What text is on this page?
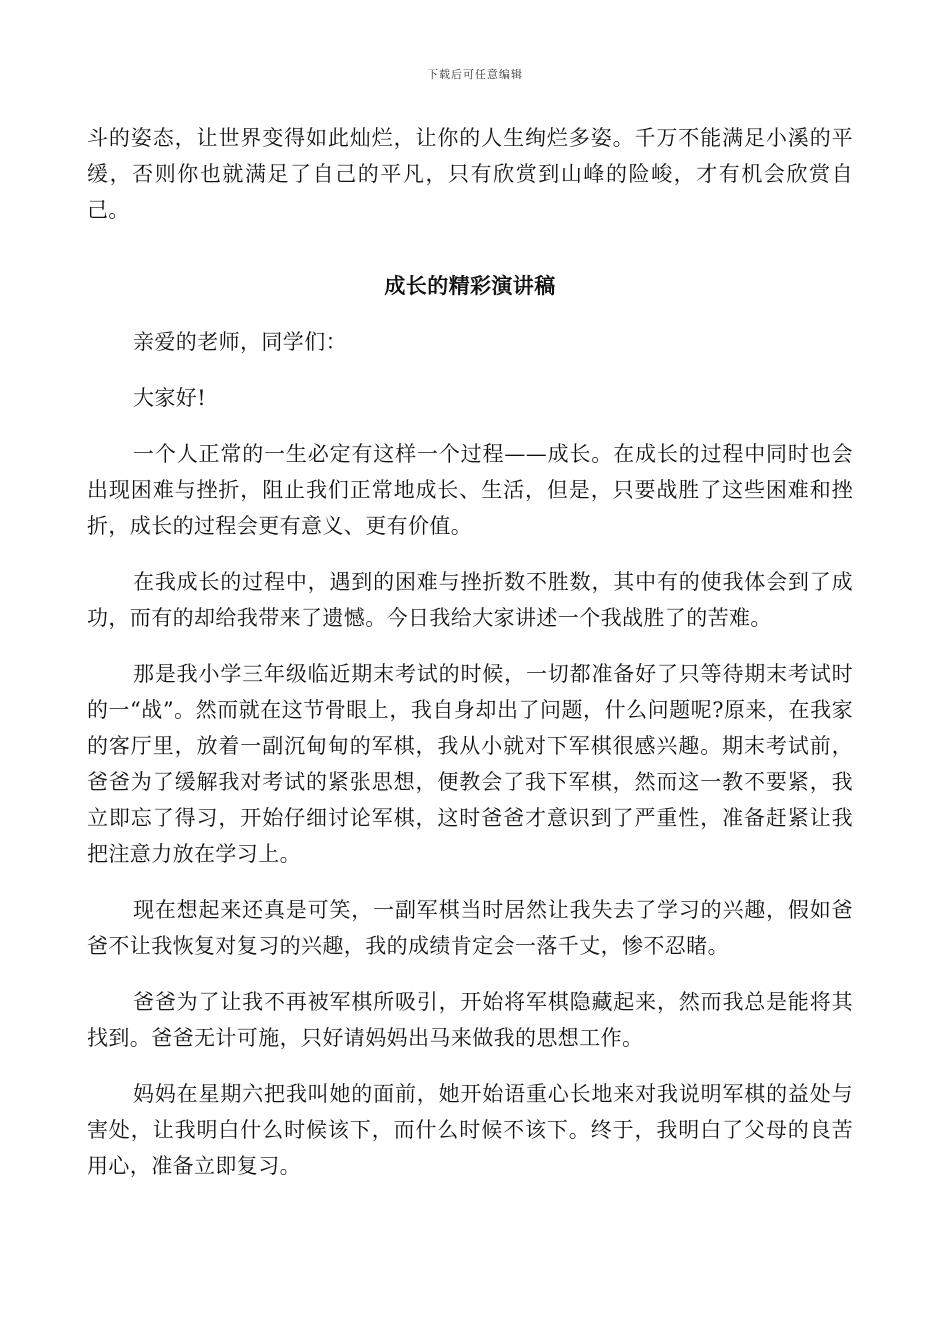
下载后可任意编辑

斗的姿态，让世界变得如此灿烂，让你的人生绚烂多姿。千万不能满足小溪的平缓，否则你也就满足了自己的平凡，只有欣赏到山峰的险峻，才有机会欣赏自己。

成长的精彩演讲稿

亲爱的老师，同学们：

大家好!

一个人正常的一生必定有这样一个过程——成长。在成长的过程中同时也会出现困难与挫折，阻止我们正常地成长、生活，但是，只要战胜了这些困难和挫折，成长的过程会更有意义、更有价值。

在我成长的过程中，遇到的困难与挫折数不胜数，其中有的使我体会到了成功，而有的却给我带来了遗憾。今日我给大家讲述一个我战胜了的苦难。

那是我小学三年级临近期末考试的时候，一切都准备好了只等待期末考试时的一“战”。然而就在这节骨眼上，我自身却出了问题，什么问题呢?原来，在我家的客厅里，放着一副沉甸甸的军棋，我从小就对下军棋很感兴趣。期末考试前，爸爸为了缓解我对考试的紧张思想，便教会了我下军棋，然而这一教不要紧，我立即忘了得习，开始仔细讨论军棋，这时爸爸才意识到了严重性，准备赶紧让我把注意力放在学习上。

现在想起来还真是可笑，一副军棋当时居然让我失去了学习的兴趣，假如爸爸不让我恢复对复习的兴趣，我的成绩肯定会一落千丈，惨不忍睹。

爸爸为了让我不再被军棋所吸引，开始将军棋隐藏起来，然而我总是能将其找到。爸爸无计可施，只好请妈妈出马来做我的思想工作。

妈妈在星期六把我叫她的面前，她开始语重心长地来对我说明军棋的益处与害处，让我明白什么时候该下，而什么时候不该下。终于，我明白了父母的良苦用心，准备立即复习。
